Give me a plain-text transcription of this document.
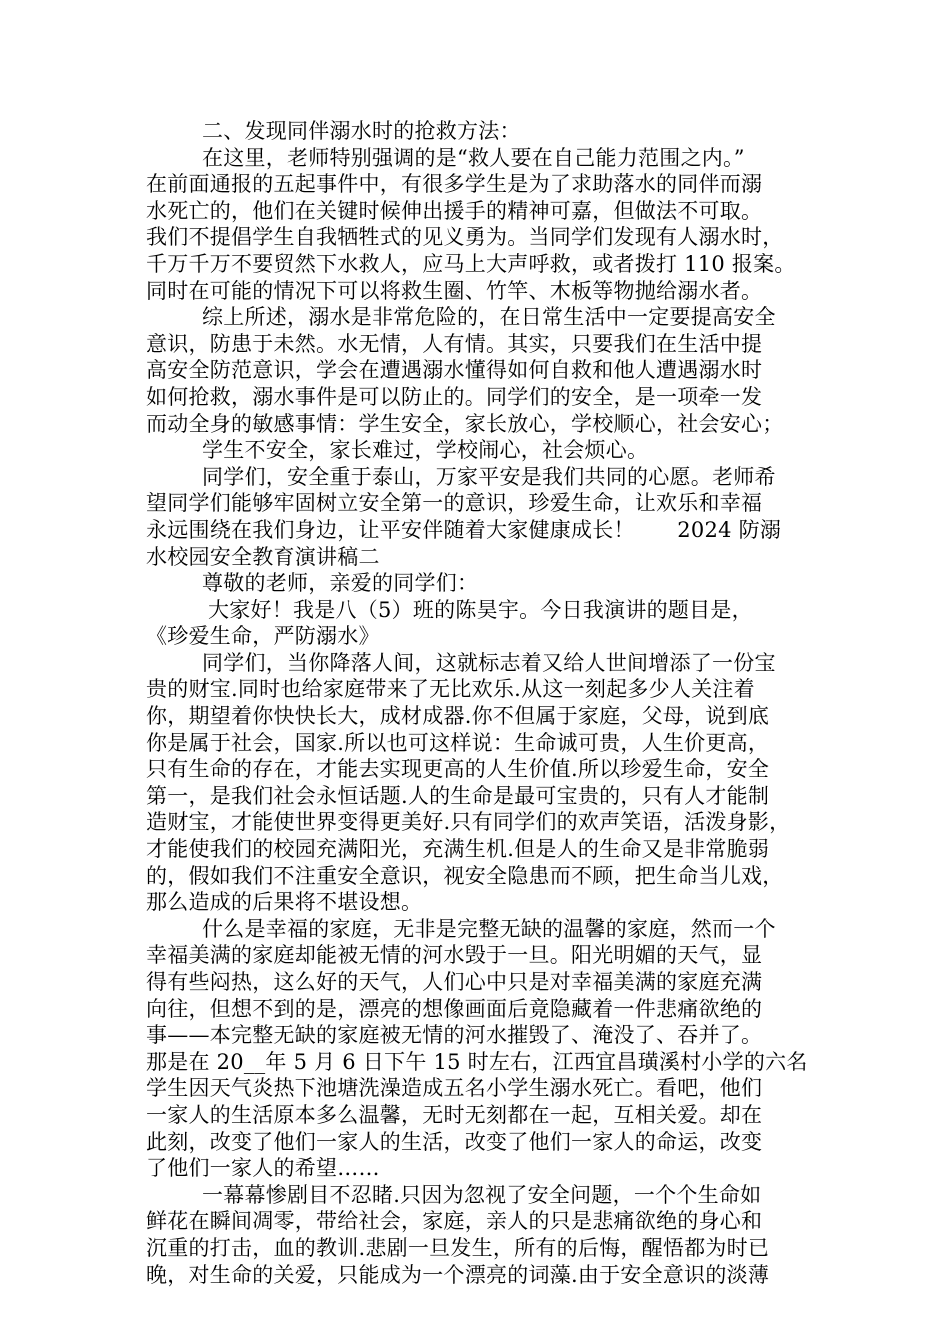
二、发现同伴溺水时的抢救方法：
在这里，老师特别强调的是“救人要在自己能力范围之内。”
在前面通报的五起事件中，有很多学生是为了求助落水的同伴而溺
水死亡的，他们在关键时候伸出援手的精神可嘉，但做法不可取。
我们不提倡学生自我牺牲式的见义勇为。当同学们发现有人溺水时，
千万千万不要贸然下水救人，应马上大声呼救，或者拨打 110 报案。
同时在可能的情况下可以将救生圈、竹竿、木板等物抛给溺水者。
综上所述，溺水是非常危险的，在日常生活中一定要提高安全
意识，防患于未然。水无情，人有情。其实，只要我们在生活中提
高安全防范意识，学会在遭遇溺水懂得如何自救和他人遭遇溺水时
如何抢救，溺水事件是可以防止的。同学们的安全，是一项牵一发
而动全身的敏感事情：学生安全，家长放心，学校顺心，社会安心；
学生不安全，家长难过，学校闹心，社会烦心。
同学们，安全重于泰山，万家平安是我们共同的心愿。老师希
望同学们能够牢固树立安全第一的意识，珍爱生命，让欢乐和幸福
永远围绕在我们身边，让平安伴随着大家健康成长！　　2024 防溺
水校园安全教育演讲稿二
尊敬的老师，亲爱的同学们：
大家好！我是八（5）班的陈昊宇。今日我演讲的题目是，
《珍爱生命，严防溺水》
同学们，当你降落人间，这就标志着又给人世间增添了一份宝
贵的财宝.同时也给家庭带来了无比欢乐.从这一刻起多少人关注着
你，期望着你快快长大，成材成器.你不但属于家庭，父母，说到底
你是属于社会，国家.所以也可这样说：生命诚可贵，人生价更高，
只有生命的存在，才能去实现更高的人生价值.所以珍爱生命，安全
第一，是我们社会永恒话题.人的生命是最可宝贵的，只有人才能制
造财宝，才能使世界变得更美好.只有同学们的欢声笑语，活泼身影，
才能使我们的校园充满阳光，充满生机.但是人的生命又是非常脆弱
的，假如我们不注重安全意识，视安全隐患而不顾，把生命当儿戏，
那么造成的后果将不堪设想。
什么是幸福的家庭，无非是完整无缺的温馨的家庭，然而一个
幸福美满的家庭却能被无情的河水毁于一旦。阳光明媚的天气，显
得有些闷热，这么好的天气，人们心中只是对幸福美满的家庭充满
向往，但想不到的是，漂亮的想像画面后竟隐藏着一件悲痛欲绝的
事——本完整无缺的家庭被无情的河水摧毁了、淹没了、吞并了。
那是在 20__年 5 月 6 日下午 15 时左右，江西宜昌璜溪村小学的六名
学生因天气炎热下池塘洗澡造成五名小学生溺水死亡。看吧，他们
一家人的生活原本多么温馨，无时无刻都在一起，互相关爱。却在
此刻，改变了他们一家人的生活，改变了他们一家人的命运，改变
了他们一家人的希望……
一幕幕惨剧目不忍睹.只因为忽视了安全问题，一个个生命如
鲜花在瞬间凋零，带给社会，家庭，亲人的只是悲痛欲绝的身心和
沉重的打击，血的教训.悲剧一旦发生，所有的后悔，醒悟都为时已
晚，对生命的关爱，只能成为一个漂亮的词藻.由于安全意识的淡薄
